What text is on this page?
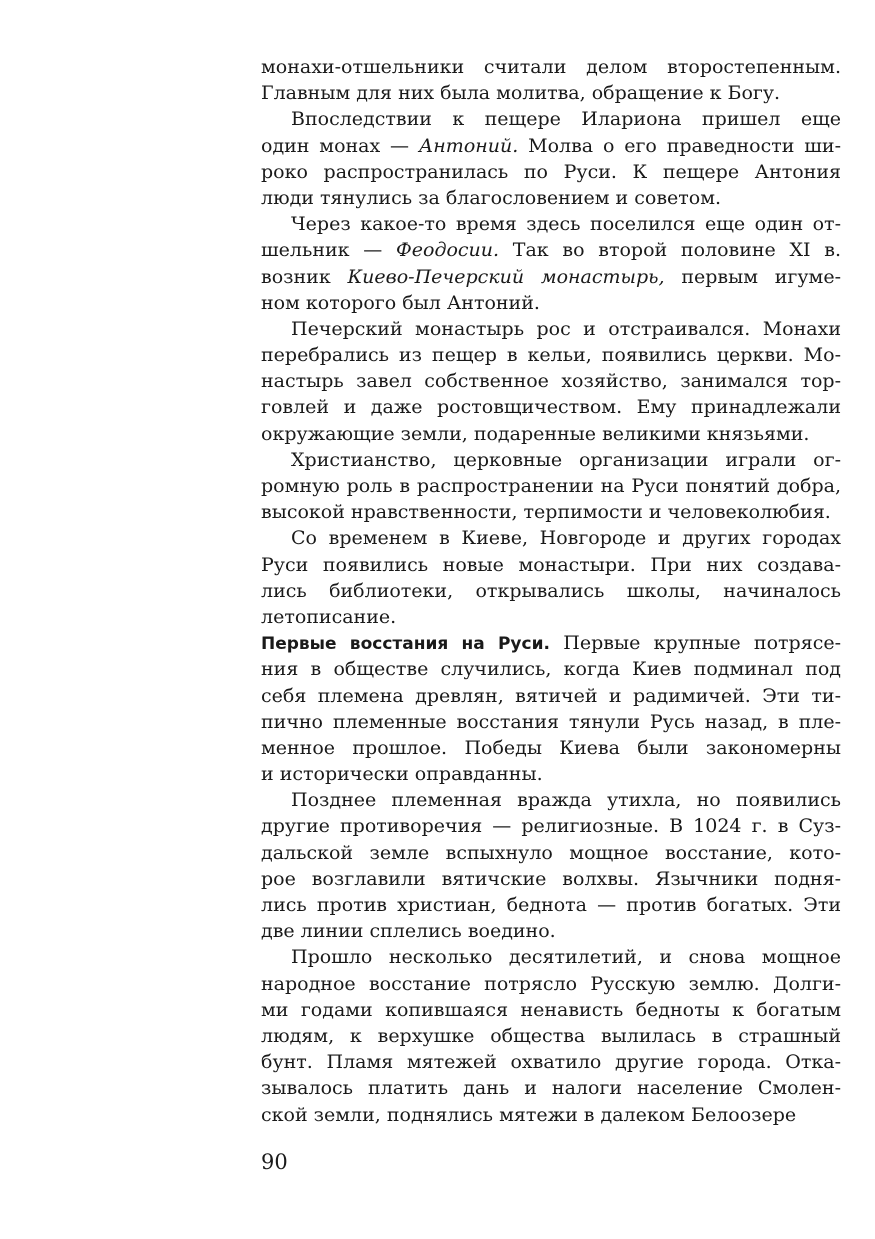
монахи-отшельники считали делом второстепенным.
Главным для них была молитва, обращение к Богу.
Впоследствии к пещере Илариона пришел еще
один монах — Антоний. Молва о его праведности ши-
роко распространилась по Руси. К пещере Антония
люди тянулись за благословением и советом.
Через какое-то время здесь поселился еще один от-
шельник — Феодосии. Так во второй половине XI в.
возник Киево-Печерский монастырь, первым игуме-
ном которого был Антоний.
Печерский монастырь рос и отстраивался. Монахи
перебрались из пещер в кельи, появились церкви. Мо-
настырь завел собственное хозяйство, занимался тор-
говлей и даже ростовщичеством. Ему принадлежали
окружающие земли, подаренные великими князьями.
Христианство, церковные организации играли ог-
ромную роль в распространении на Руси понятий добра,
высокой нравственности, терпимости и человеколюбия.
Со временем в Киеве, Новгороде и других городах
Руси появились новые монастыри. При них создава-
лись библиотеки, открывались школы, начиналось
летописание.
Первые восстания на Руси. Первые крупные потрясе-
ния в обществе случились, когда Киев подминал под
себя племена древлян, вятичей и радимичей. Эти ти-
пично племенные восстания тянули Русь назад, в пле-
менное прошлое. Победы Киева были закономерны
и исторически оправданны.
Позднее племенная вражда утихла, но появились
другие противоречия — религиозные. В 1024 г. в Суз-
дальской земле вспыхнуло мощное восстание, кото-
рое возглавили вятичские волхвы. Язычники подня-
лись против христиан, беднота — против богатых. Эти
две линии сплелись воедино.
Прошло несколько десятилетий, и снова мощное
народное восстание потрясло Русскую землю. Долги-
ми годами копившаяся ненависть бедноты к богатым
людям, к верхушке общества вылилась в страшный
бунт. Пламя мятежей охватило другие города. Отка-
зывалось платить дань и налоги население Смолен-
ской земли, поднялись мятежи в далеком Белоозере
90
